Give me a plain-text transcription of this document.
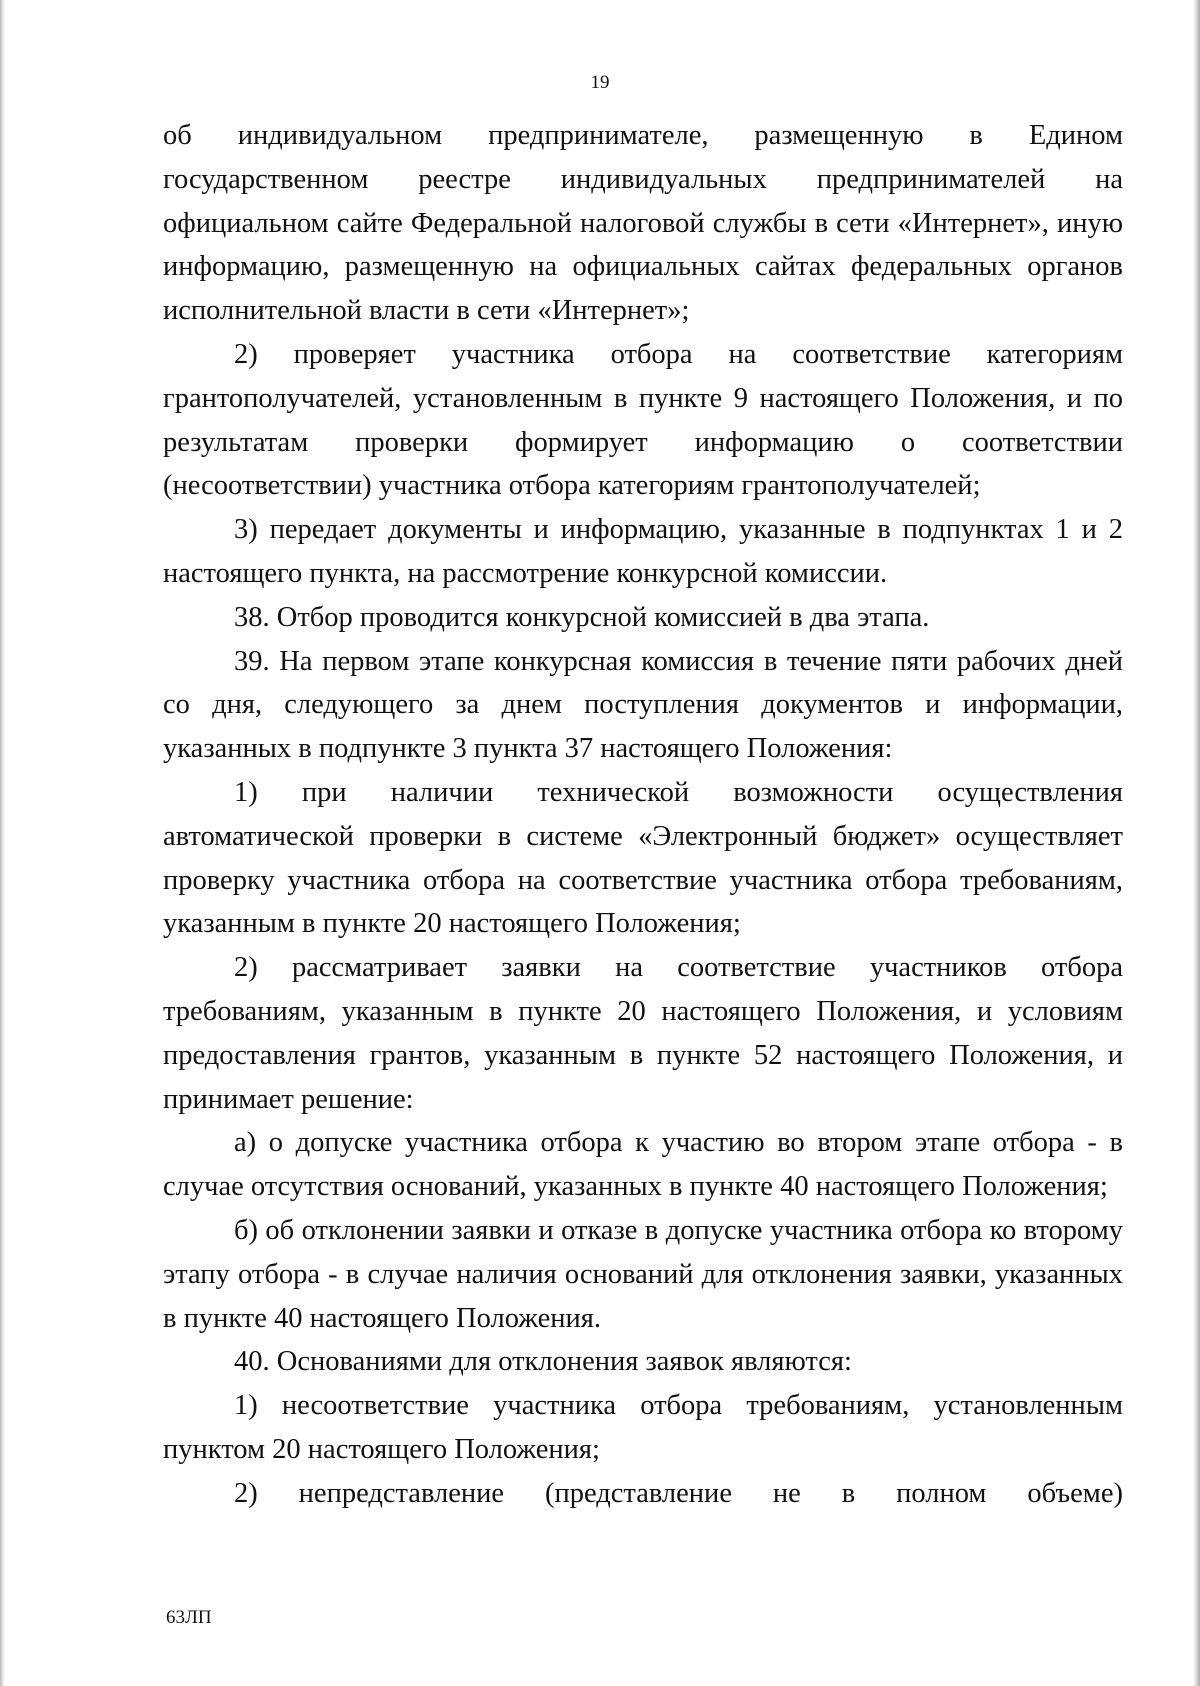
19

об индивидуальном предпринимателе, размещенную в Едином государственном реестре индивидуальных предпринимателей на официальном сайте Федеральной налоговой службы в сети «Интернет», иную информацию, размещенную на официальных сайтах федеральных органов исполнительной власти в сети «Интернет»;

2) проверяет участника отбора на соответствие категориям грантополучателей, установленным в пункте 9 настоящего Положения, и по результатам проверки формирует информацию о соответствии (несоответствии) участника отбора категориям грантополучателей;

3) передает документы и информацию, указанные в подпунктах 1 и 2 настоящего пункта, на рассмотрение конкурсной комиссии.

38. Отбор проводится конкурсной комиссией в два этапа.

39. На первом этапе конкурсная комиссия в течение пяти рабочих дней со дня, следующего за днем поступления документов и информации, указанных в подпункте 3 пункта 37 настоящего Положения:

1) при наличии технической возможности осуществления автоматической проверки в системе «Электронный бюджет» осуществляет проверку участника отбора на соответствие участника отбора требованиям, указанным в пункте 20 настоящего Положения;

2) рассматривает заявки на соответствие участников отбора требованиям, указанным в пункте 20 настоящего Положения, и условиям предоставления грантов, указанным в пункте 52 настоящего Положения, и принимает решение:

а) о допуске участника отбора к участию во втором этапе отбора - в случае отсутствия оснований, указанных в пункте 40 настоящего Положения;

б) об отклонении заявки и отказе в допуске участника отбора ко второму этапу отбора - в случае наличия оснований для отклонения заявки, указанных в пункте 40 настоящего Положения.

40. Основаниями для отклонения заявок являются:

1) несоответствие участника отбора требованиям, установленным пунктом 20 настоящего Положения;

2) непредставление (представление не в полном объеме)

63ЛП
